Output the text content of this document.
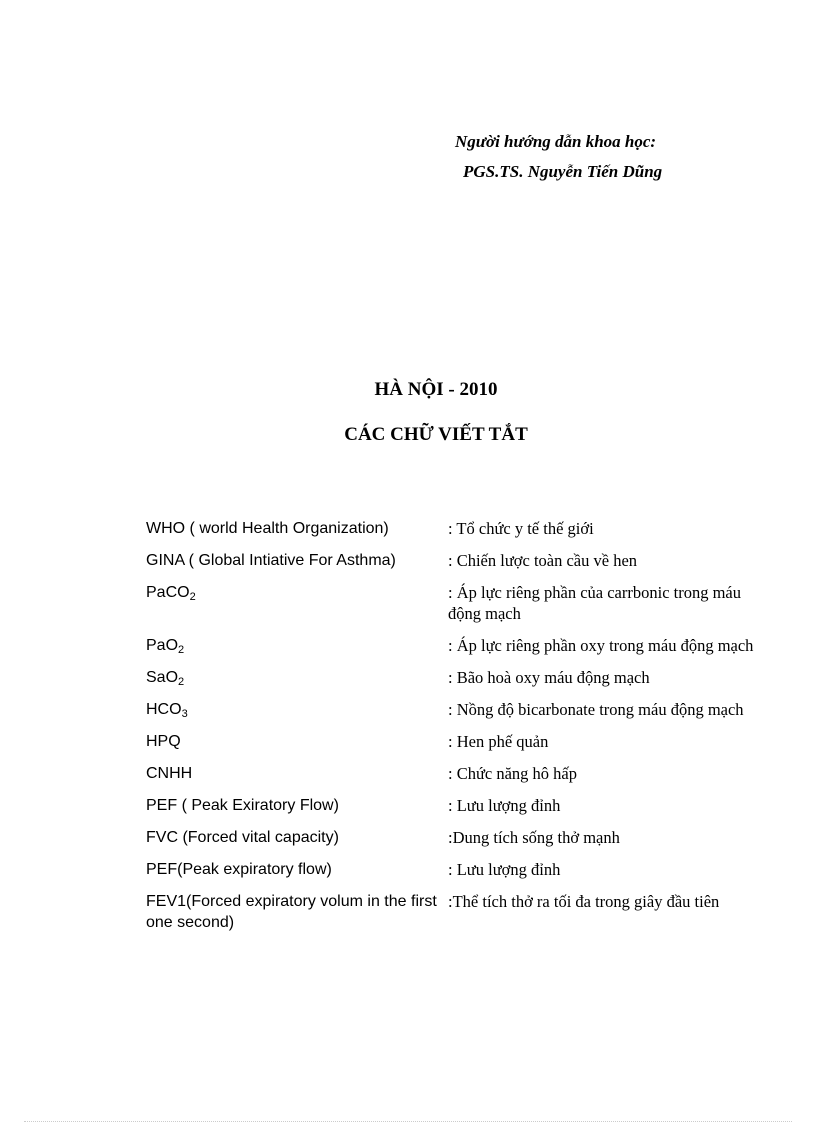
Người hướng dẫn khoa học:
PGS.TS. Nguyễn Tiến Dũng
HÀ NỘI - 2010
CÁC CHỮ VIẾT TẮT
WHO ( world Health Organization)	: Tổ chức y tế thế giới
GINA ( Global Intiative For Asthma)	: Chiến lược toàn cầu về hen
PaCO$_2$	: Áp lực riêng phần của carrbonic trong máu động mạch
PaO$_2$	: Áp lực riêng phần oxy trong máu động mạch
SaO$_2$	: Bão hoà oxy máu động mạch
$HCO_3$	: Nồng độ bicarbonate trong máu động mạch
HPQ	: Hen phế quản
CNHH	: Chức năng hô hấp
PEF ( Peak Exiratory Flow)	: Lưu lượng đỉnh
FVC (Forced vital capacity)	:Dung tích sống thở mạnh
PEF(Peak expiratory flow)	: Lưu lượng đỉnh
FEV1(Forced expiratory volum in the first one second)	:Thể tích thở ra tối đa trong giây đầu tiên
